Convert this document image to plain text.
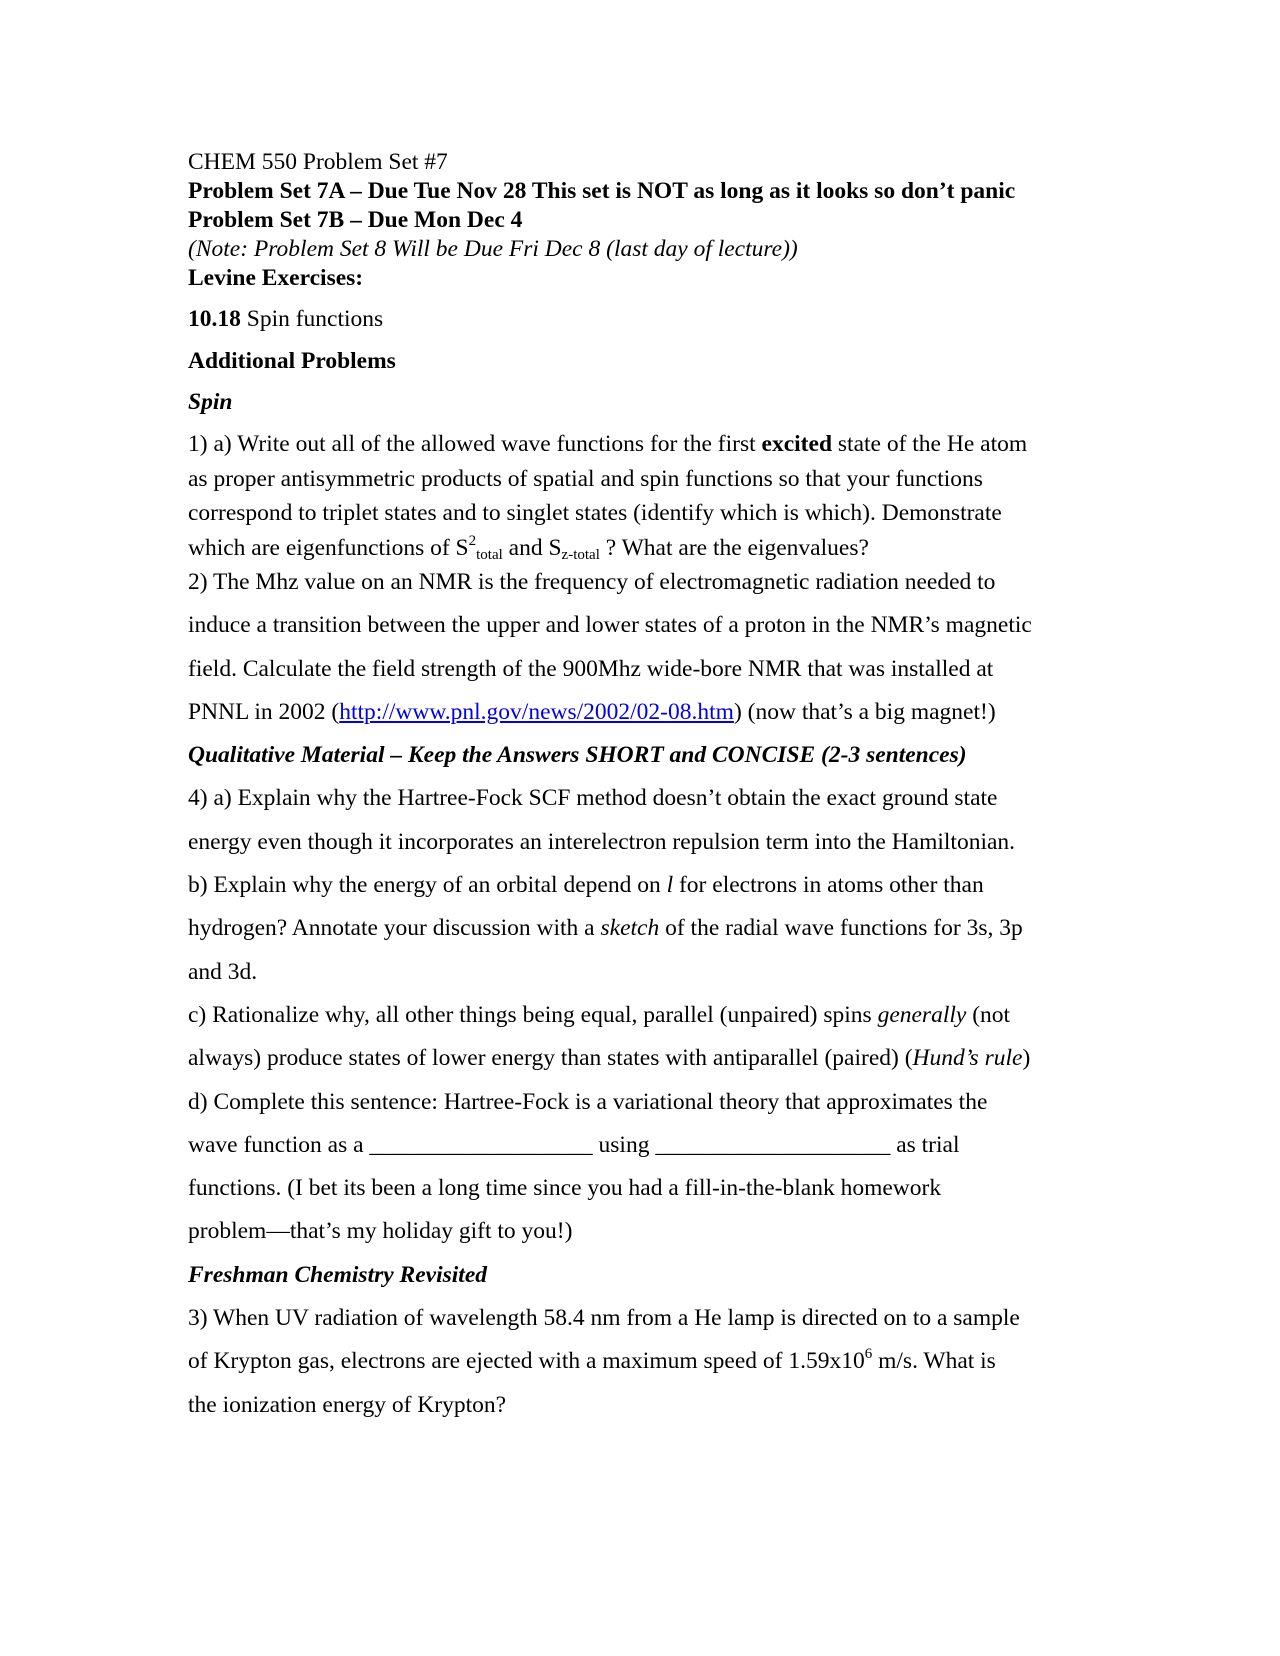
CHEM 550 Problem Set #7
Problem Set 7A – Due Tue Nov 28 This set is NOT as long as it looks so don’t panic
Problem Set 7B – Due Mon Dec 4
(Note: Problem Set 8 Will be Due Fri Dec 8 (last day of lecture))
Levine Exercises:
10.18 Spin functions
Additional Problems
Spin
1) a) Write out all of the allowed wave functions for the first excited state of the He atom
as proper antisymmetric products of spatial and spin functions so that your functions
correspond to triplet states and to singlet states (identify which is which). Demonstrate
which are eigenfunctions of $S^2_{total}$ and $S_{z-total}$ ? What are the eigenvalues?
2) The Mhz value on an NMR is the frequency of electromagnetic radiation needed to
induce a transition between the upper and lower states of a proton in the NMR’s magnetic
field. Calculate the field strength of the 900Mhz wide-bore NMR that was installed at
PNNL in 2002 (http://www.pnl.gov/news/2002/02-08.htm) (now that’s a big magnet!)
Qualitative Material – Keep the Answers SHORT and CONCISE (2-3 sentences)
4) a) Explain why the Hartree-Fock SCF method doesn’t obtain the exact ground state
energy even though it incorporates an interelectron repulsion term into the Hamiltonian.
b) Explain why the energy of an orbital depend on l for electrons in atoms other than
hydrogen? Annotate your discussion with a sketch of the radial wave functions for 3s, 3p
and 3d.
c) Rationalize why, all other things being equal, parallel (unpaired) spins generally (not
always) produce states of lower energy than states with antiparallel (paired) (Hund’s rule)
d) Complete this sentence: Hartree-Fock is a variational theory that approximates the
wave function as a ___________________ using ____________________ as trial
functions. (I bet its been a long time since you had a fill-in-the-blank homework
problem—that’s my holiday gift to you!)
Freshman Chemistry Revisited
3) When UV radiation of wavelength 58.4 nm from a He lamp is directed on to a sample
of Krypton gas, electrons are ejected with a maximum speed of $1.59x10^6$ m/s. What is
the ionization energy of Krypton?
